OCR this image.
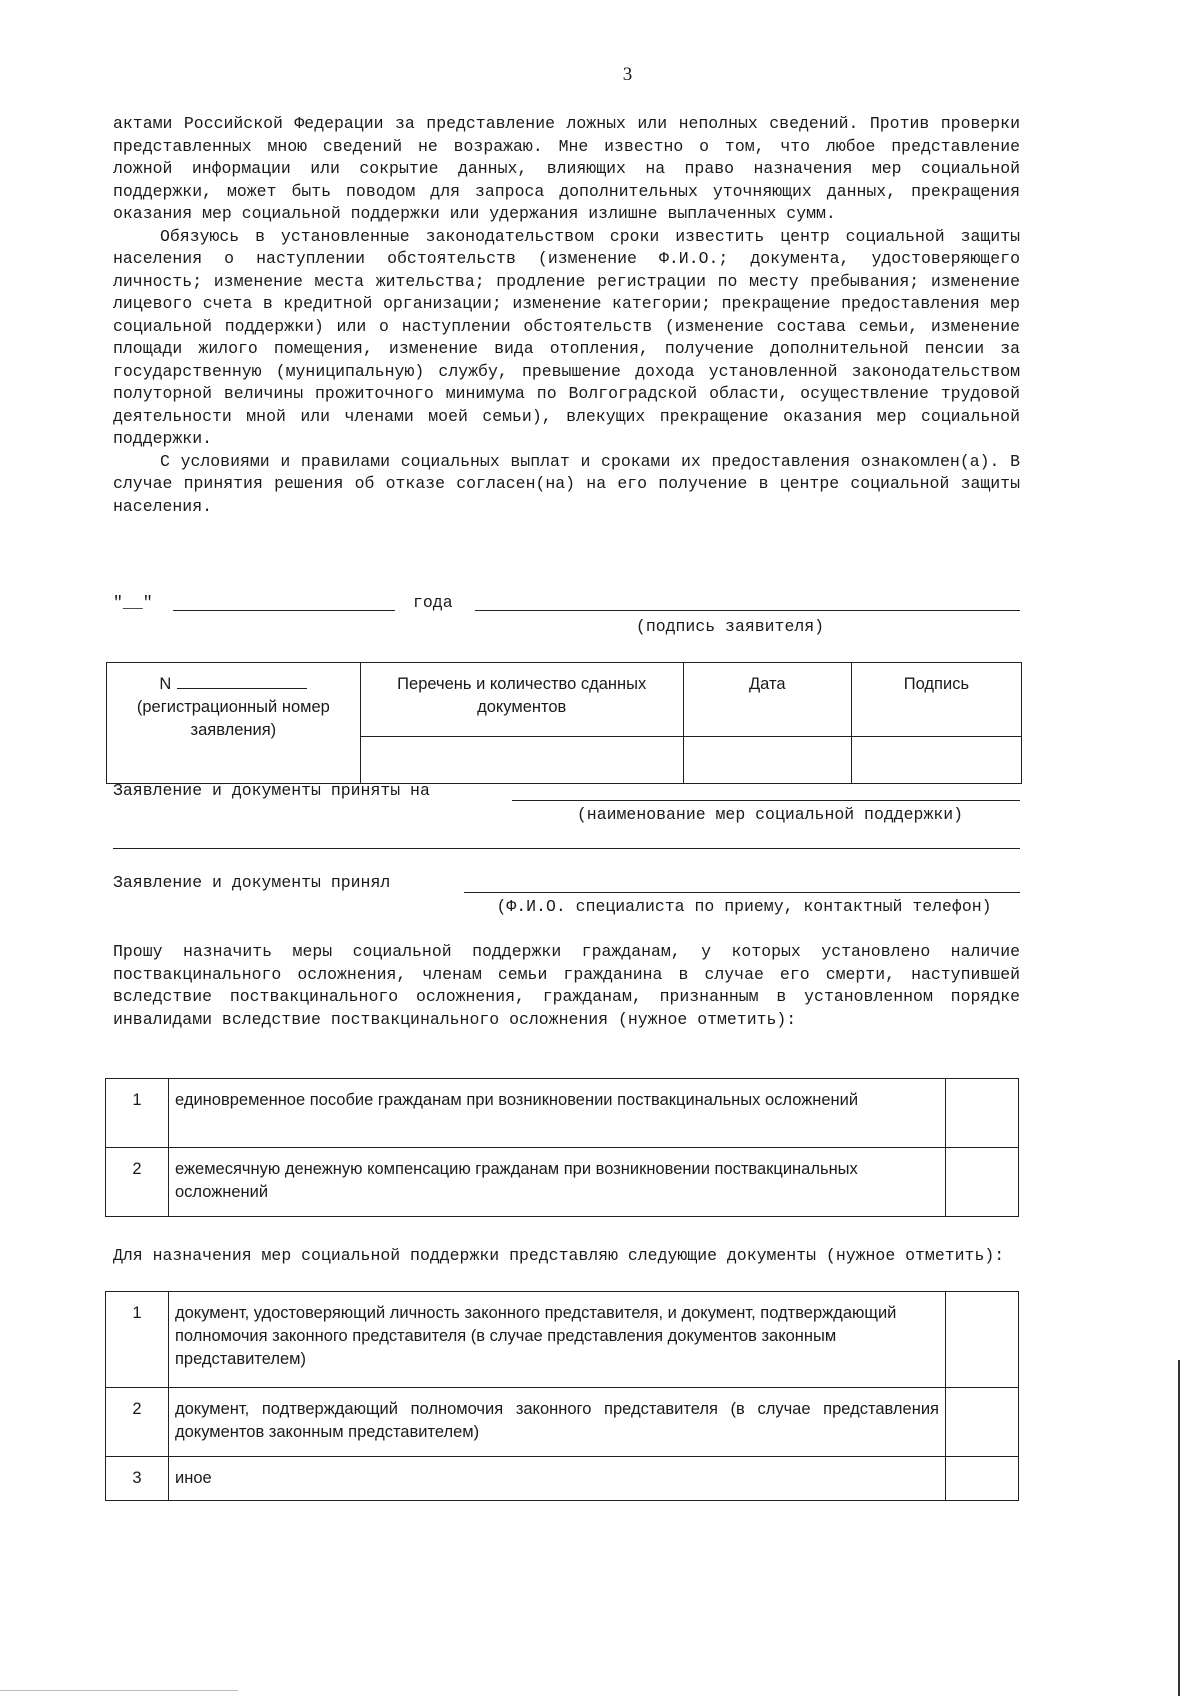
3

актами Российской Федерации за представление ложных или неполных сведений. Против проверки представленных мною сведений не возражаю. Мне известно о том, что любое представление ложной информации или сокрытие данных, влияющих на право назначения мер социальной поддержки, может быть поводом для запроса дополнительных уточняющих данных, прекращения оказания мер социальной поддержки или удержания излишне выплаченных сумм.

Обязуюсь в установленные законодательством сроки известить центр социальной защиты населения о наступлении обстоятельств (изменение Ф.И.О.; документа, удостоверяющего личность; изменение места жительства; продление регистрации по месту пребывания; изменение лицевого счета в кредитной организации; изменение категории; прекращение предоставления мер социальной поддержки) или о наступлении обстоятельств (изменение состава семьи, изменение площади жилого помещения, изменение вида отопления, получение дополнительной пенсии за государственную (муниципальную) службу, превышение дохода установленной законодательством полуторной величины прожиточного минимума по Волгоградской области, осуществление трудовой деятельности мной или членами моей семьи), влекущих прекращение оказания мер социальной поддержки.

С условиями и правилами социальных выплат и сроками их предоставления ознакомлен(а). В случае принятия решения об отказе согласен(на) на его получение в центре социальной защиты населения.

"__"	года
(подпись заявителя)
N
(регистрационный номер заявления)	Перечень и количество сданных документов	Дата	Подпись

Заявление и документы приняты на
(наименование мер социальной поддержки)
Заявление и документы принял
(Ф.И.О. специалиста по приему, контактный телефон)

Прошу назначить меры социальной поддержки гражданам, у которых установлено наличие поствакцинального осложнения, членам семьи гражданина в случае его смерти, наступившей вследствие поствакцинального осложнения, гражданам, признанным в установленном порядке инвалидами вследствие поствакцинального осложнения (нужное отметить):

1	единовременное пособие гражданам при возникновении поствакцинальных осложнений	
2	ежемесячную денежную компенсацию гражданам при возникновении поствакцинальных осложнений	

Для назначения мер социальной поддержки представляю следующие документы (нужное отметить):

1	документ, удостоверяющий личность законного представителя, и документ, подтверждающий полномочия законного представителя (в случае представления документов законным представителем)	
2	документ, подтверждающий полномочия законного представителя (в случае представления документов законным представителем)	
3	иное	
